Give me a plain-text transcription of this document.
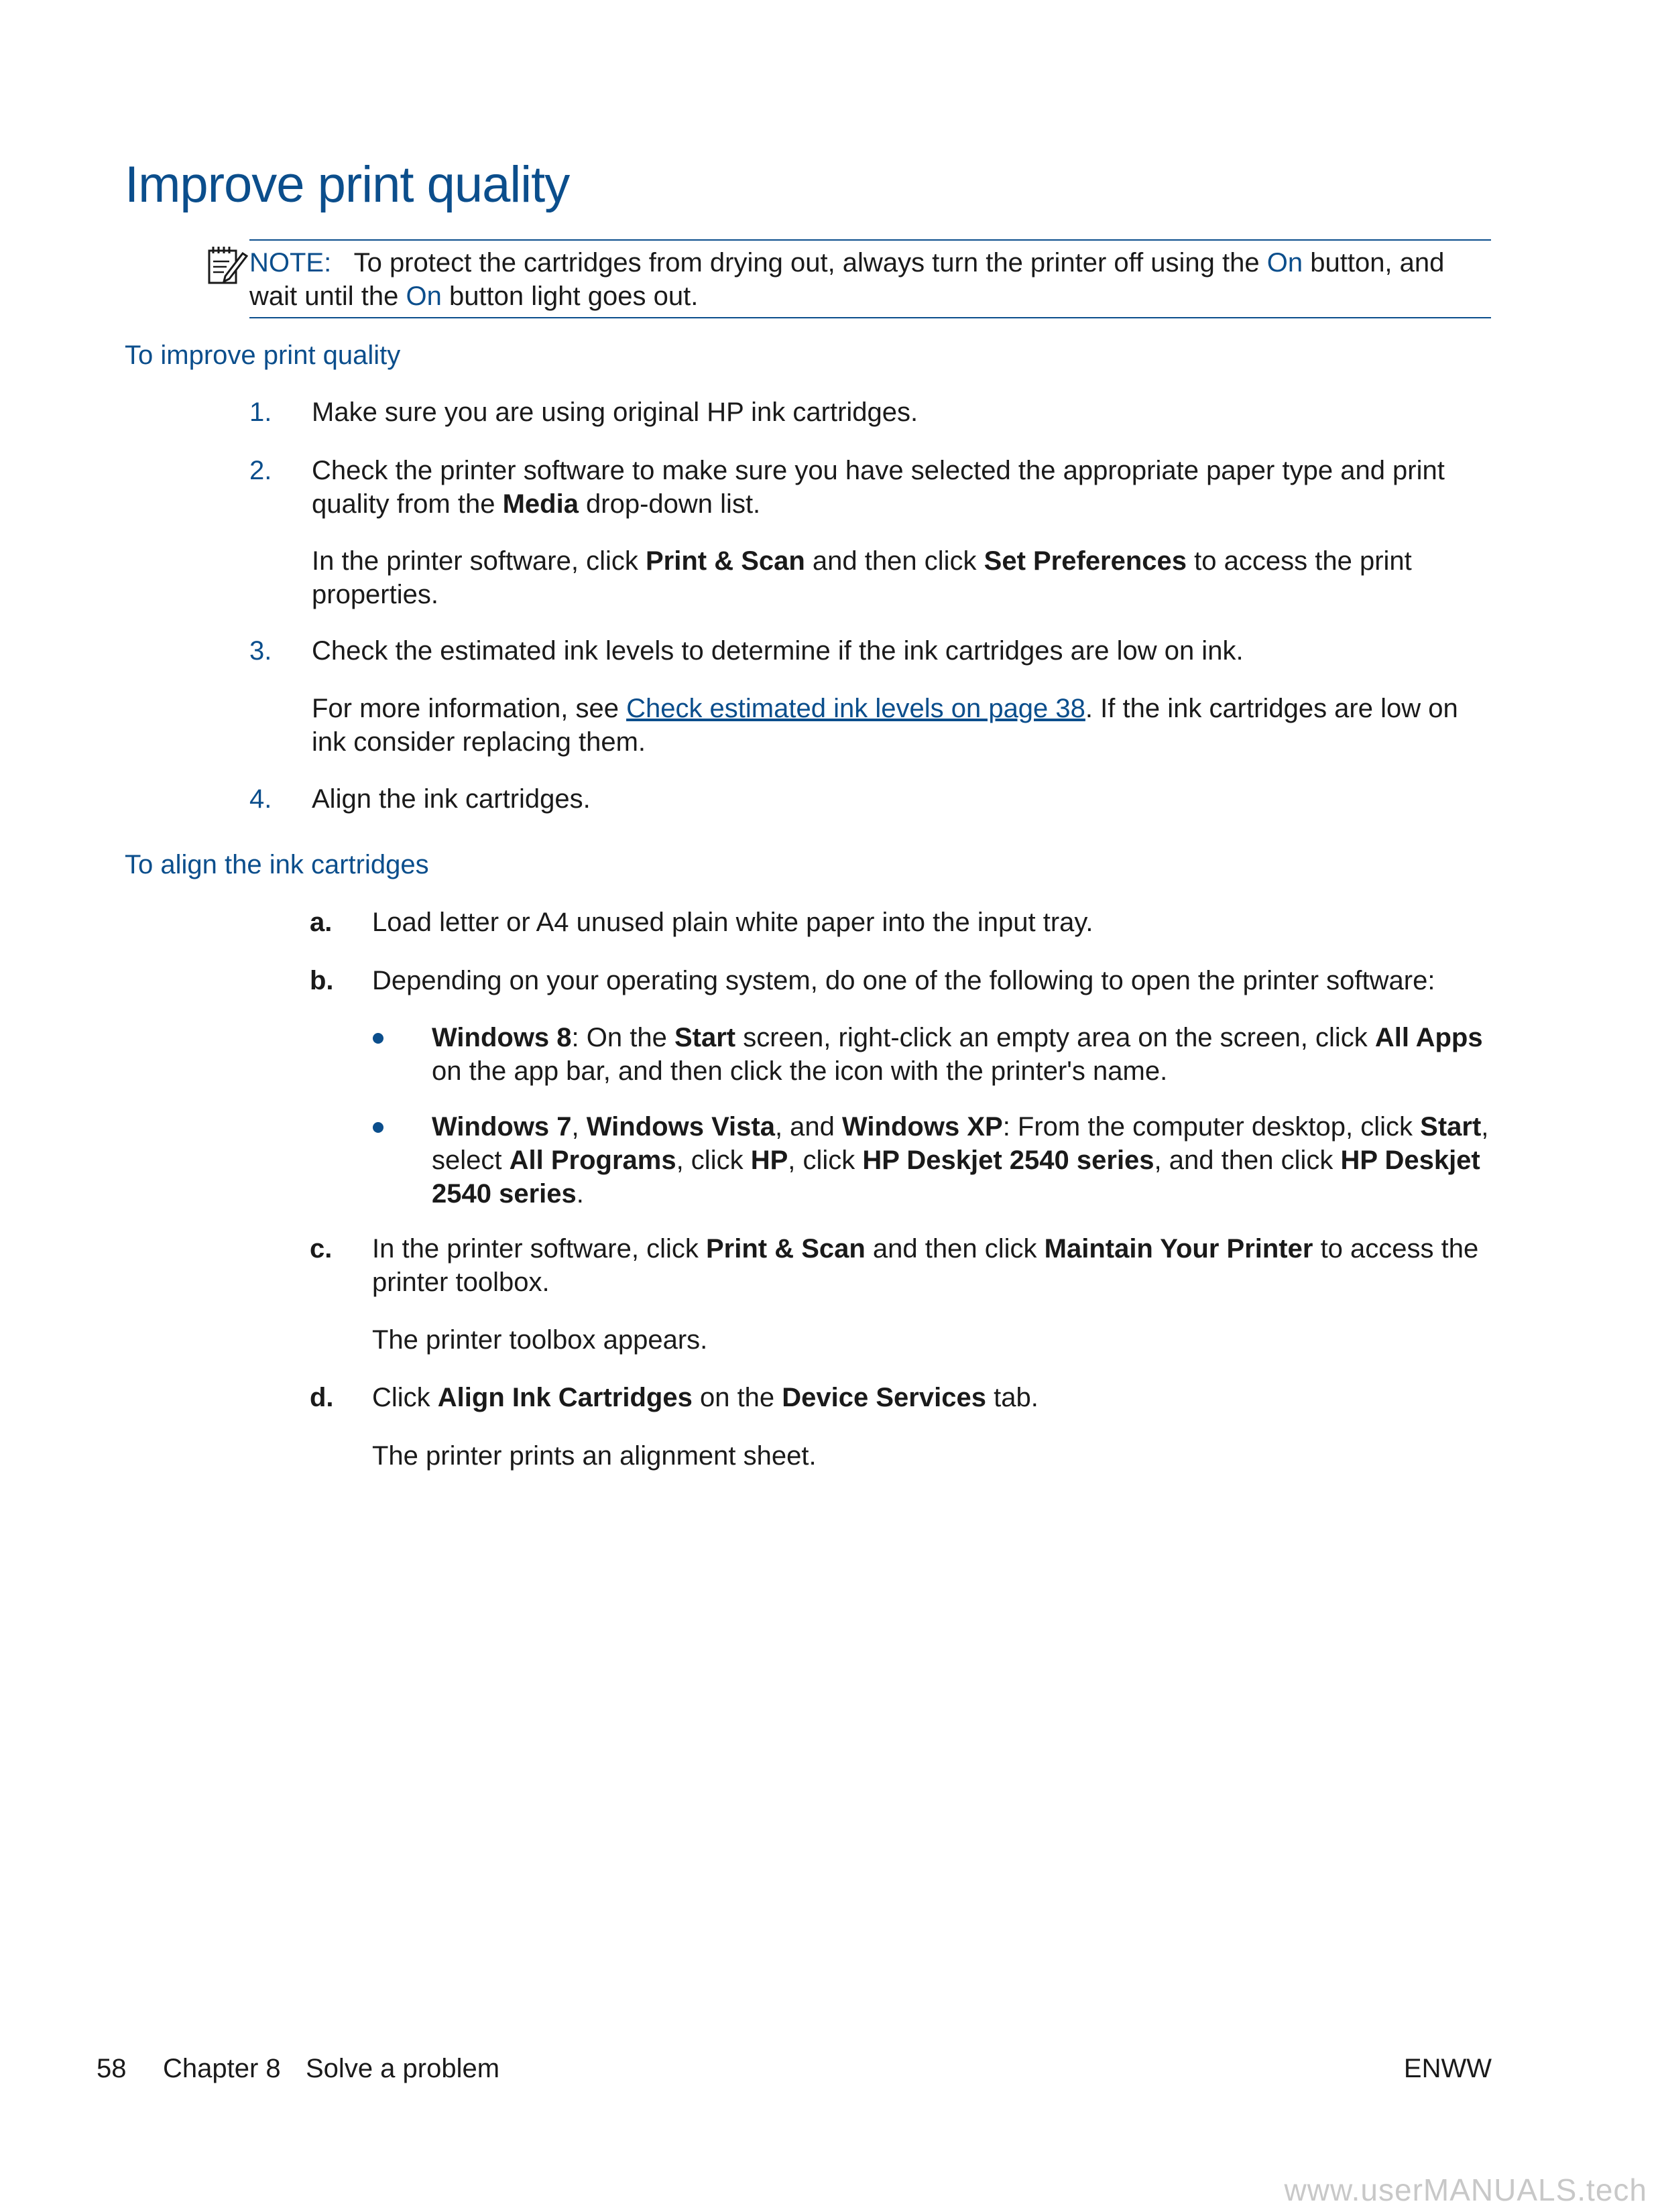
Improve print quality
NOTE: To protect the cartridges from drying out, always turn the printer off using the On button, and wait until the On button light goes out.
To improve print quality
1. Make sure you are using original HP ink cartridges.
2. Check the printer software to make sure you have selected the appropriate paper type and print quality from the Media drop-down list.
In the printer software, click Print & Scan and then click Set Preferences to access the print properties.
3. Check the estimated ink levels to determine if the ink cartridges are low on ink.
For more information, see Check estimated ink levels on page 38. If the ink cartridges are low on ink consider replacing them.
4. Align the ink cartridges.
To align the ink cartridges
a. Load letter or A4 unused plain white paper into the input tray.
b. Depending on your operating system, do one of the following to open the printer software:
Windows 8: On the Start screen, right-click an empty area on the screen, click All Apps on the app bar, and then click the icon with the printer's name.
Windows 7, Windows Vista, and Windows XP: From the computer desktop, click Start, select All Programs, click HP, click HP Deskjet 2540 series, and then click HP Deskjet 2540 series.
c. In the printer software, click Print & Scan and then click Maintain Your Printer to access the printer toolbox.
The printer toolbox appears.
d. Click Align Ink Cartridges on the Device Services tab.
The printer prints an alignment sheet.
58 Chapter 8 Solve a problem	ENWW
www.userMANUALS.tech
